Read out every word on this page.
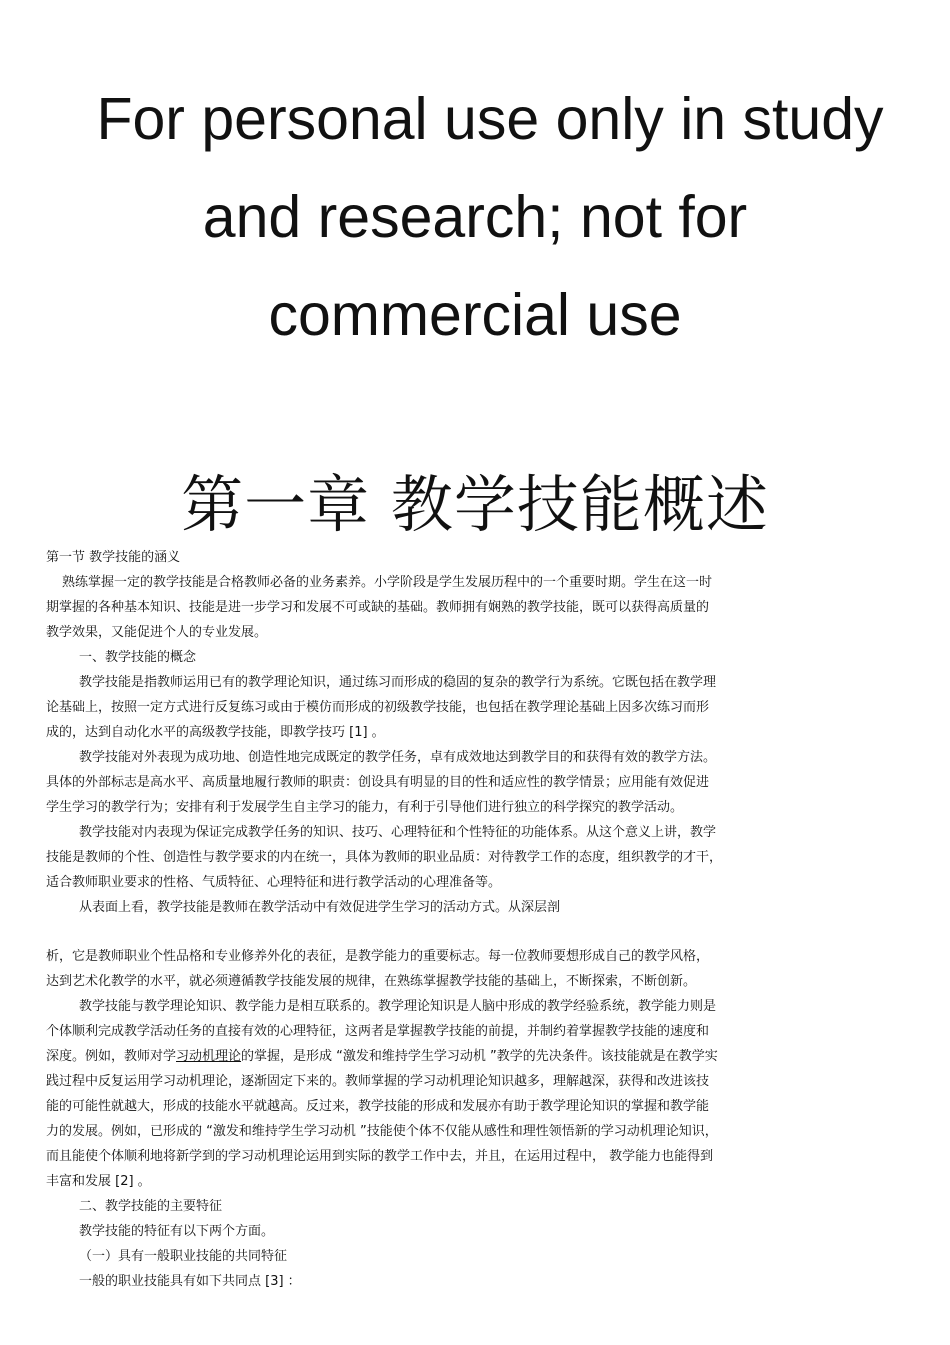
For personal use only in study
and research; not for
commercial use
第一章 教学技能概述
第一节 教学技能的涵义
熟练掌握一定的教学技能是合格教师必备的业务素养。小学阶段是学生发展历程中的一个重要时期。学生在这一时
期掌握的各种基本知识、技能是进一步学习和发展不可或缺的基础。教师拥有娴熟的教学技能，既可以获得高质量的
教学效果，又能促进个人的专业发展。
一、教学技能的概念
教学技能是指教师运用已有的教学理论知识，通过练习而形成的稳固的复杂的教学行为系统。它既包括在教学理
论基础上，按照一定方式进行反复练习或由于模仿而形成的初级教学技能，也包括在教学理论基础上因多次练习而形
成的，达到自动化水平的高级教学技能，即教学技巧 [1] 。
教学技能对外表现为成功地、创造性地完成既定的教学任务，卓有成效地达到教学目的和获得有效的教学方法。
具体的外部标志是高水平、高质量地履行教师的职责：创设具有明显的目的性和适应性的教学情景；应用能有效促进
学生学习的教学行为；安排有利于发展学生自主学习的能力，有利于引导他们进行独立的科学探究的教学活动。
教学技能对内表现为保证完成教学任务的知识、技巧、心理特征和个性特征的功能体系。从这个意义上讲，教学
技能是教师的个性、创造性与教学要求的内在统一，具体为教师的职业品质：对待教学工作的态度，组织教学的才干，
适合教师职业要求的性格、气质特征、心理特征和进行教学活动的心理准备等。
从表面上看，教学技能是教师在教学活动中有效促进学生学习的活动方式。从深层剖
析，它是教师职业个性品格和专业修养外化的表征，是教学能力的重要标志。每一位教师要想形成自己的教学风格，
达到艺术化教学的水平，就必须遵循教学技能发展的规律，在熟练掌握教学技能的基础上，不断探索，不断创新。
教学技能与教学理论知识、教学能力是相互联系的。教学理论知识是人脑中形成的教学经验系统，教学能力则是
个体顺利完成教学活动任务的直接有效的心理特征，这两者是掌握教学技能的前提，并制约着掌握教学技能的速度和
深度。例如，教师对学习动机理论的掌握，是形成 “激发和维持学生学习动机 ”教学的先决条件。该技能就是在教学实
践过程中反复运用学习动机理论，逐渐固定下来的。教师掌握的学习动机理论知识越多，理解越深，获得和改进该技
能的可能性就越大，形成的技能水平就越高。反过来，教学技能的形成和发展亦有助于教学理论知识的掌握和教学能
力的发展。例如，已形成的 “激发和维持学生学习动机 ”技能使个体不仅能从感性和理性领悟新的学习动机理论知识，
而且能使个体顺利地将新学到的学习动机理论运用到实际的教学工作中去，并且，在运用过程中， 教学能力也能得到
丰富和发展 [2] 。
二、教学技能的主要特征
教学技能的特征有以下两个方面。
（一）具有一般职业技能的共同特征
一般的职业技能具有如下共同点 [3] ：
